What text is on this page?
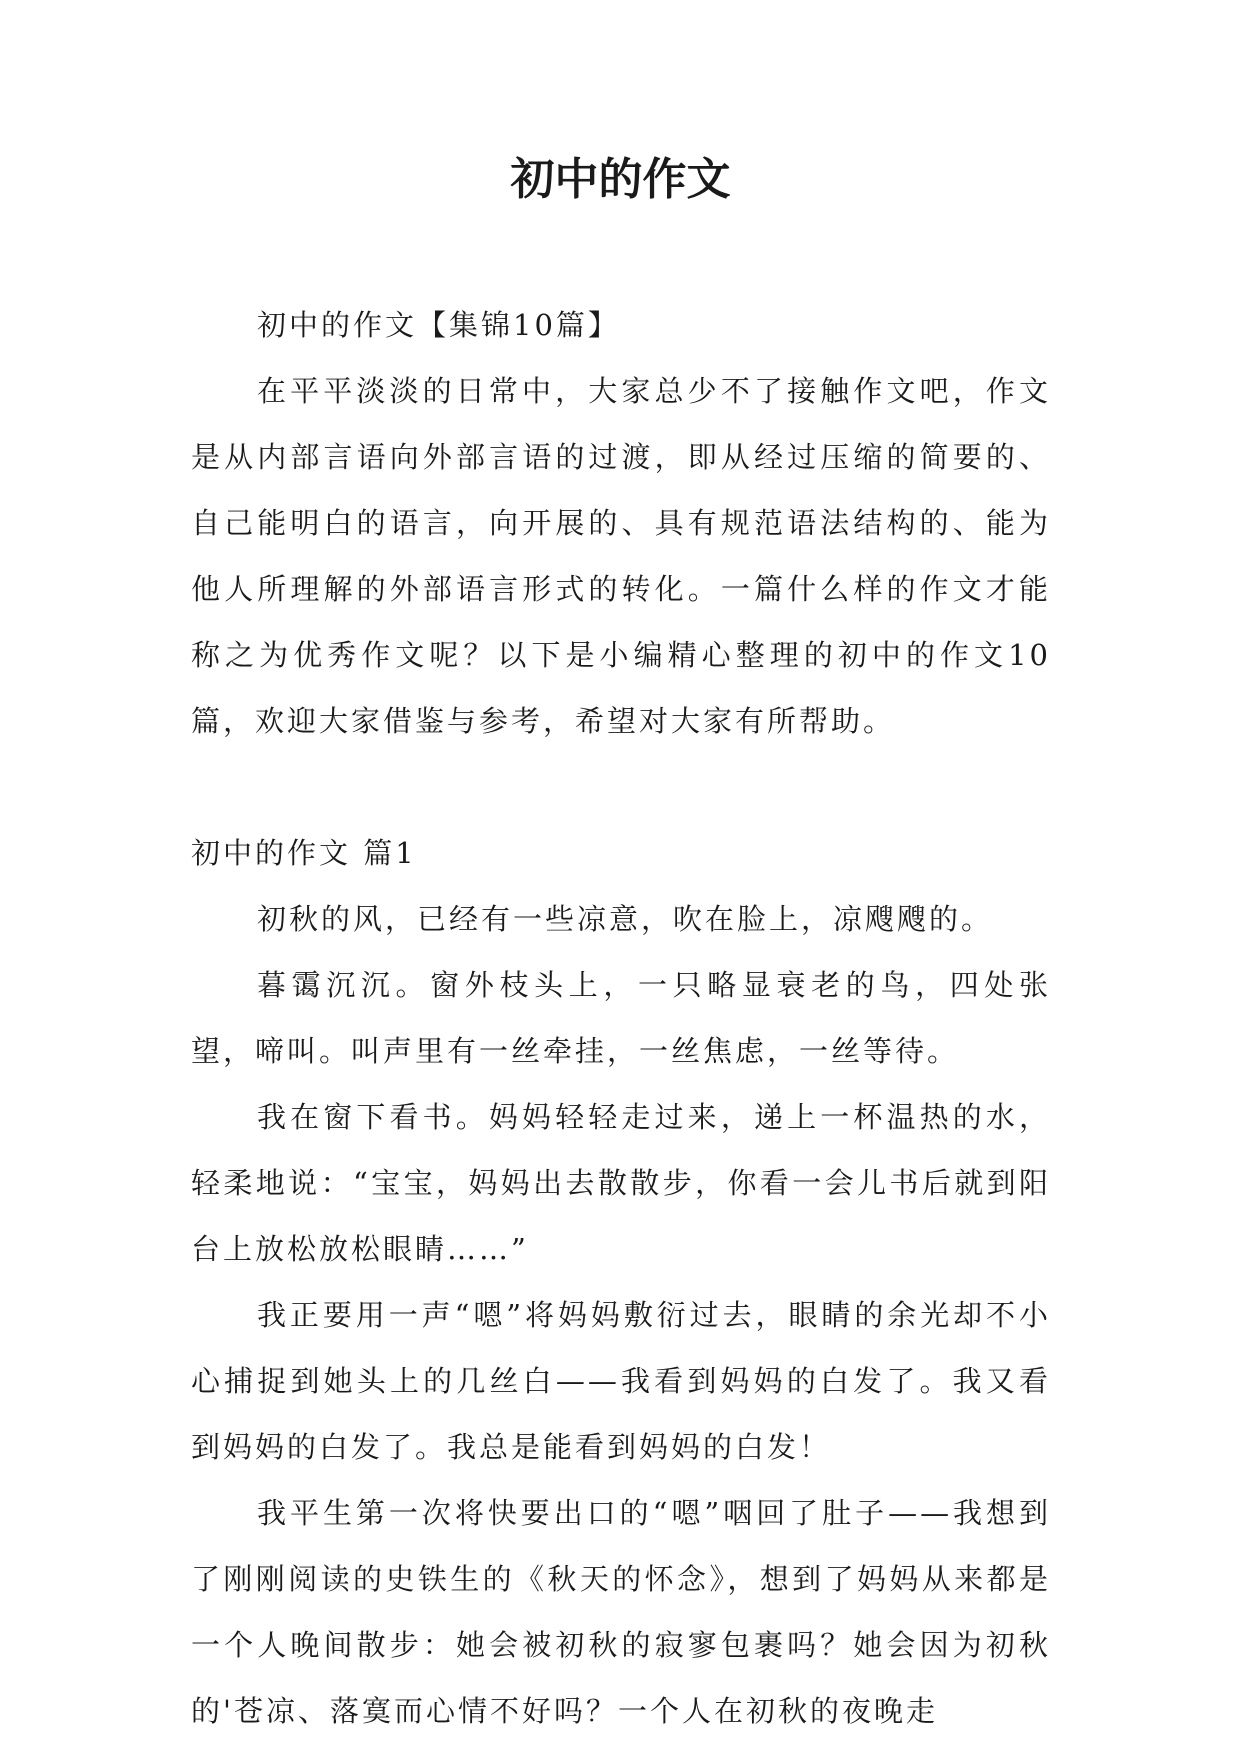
初中的作文

初中的作文【集锦10篇】

在平平淡淡的日常中，大家总少不了接触作文吧，作文是从内部言语向外部言语的过渡，即从经过压缩的简要的、自己能明白的语言，向开展的、具有规范语法结构的、能为他人所理解的外部语言形式的转化。一篇什么样的作文才能称之为优秀作文呢？以下是小编精心整理的初中的作文10篇，欢迎大家借鉴与参考，希望对大家有所帮助。

初中的作文 篇1

初秋的风，已经有一些凉意，吹在脸上，凉飕飕的。

暮霭沉沉。窗外枝头上，一只略显衰老的鸟，四处张望，啼叫。叫声里有一丝牵挂，一丝焦虑，一丝等待。

我在窗下看书。妈妈轻轻走过来，递上一杯温热的水，轻柔地说：“宝宝，妈妈出去散散步，你看一会儿书后就到阳台上放松放松眼睛……”

我正要用一声“嗯”将妈妈敷衍过去，眼睛的余光却不小心捕捉到她头上的几丝白——我看到妈妈的白发了。我又看到妈妈的白发了。我总是能看到妈妈的白发！

我平生第一次将快要出口的“嗯”咽回了肚子——我想到了刚刚阅读的史铁生的《秋天的怀念》，想到了妈妈从来都是一个人晚间散步：她会被初秋的寂寥包裹吗？她会因为初秋的'苍凉、落寞而心情不好吗？一个人在初秋的夜晚走
